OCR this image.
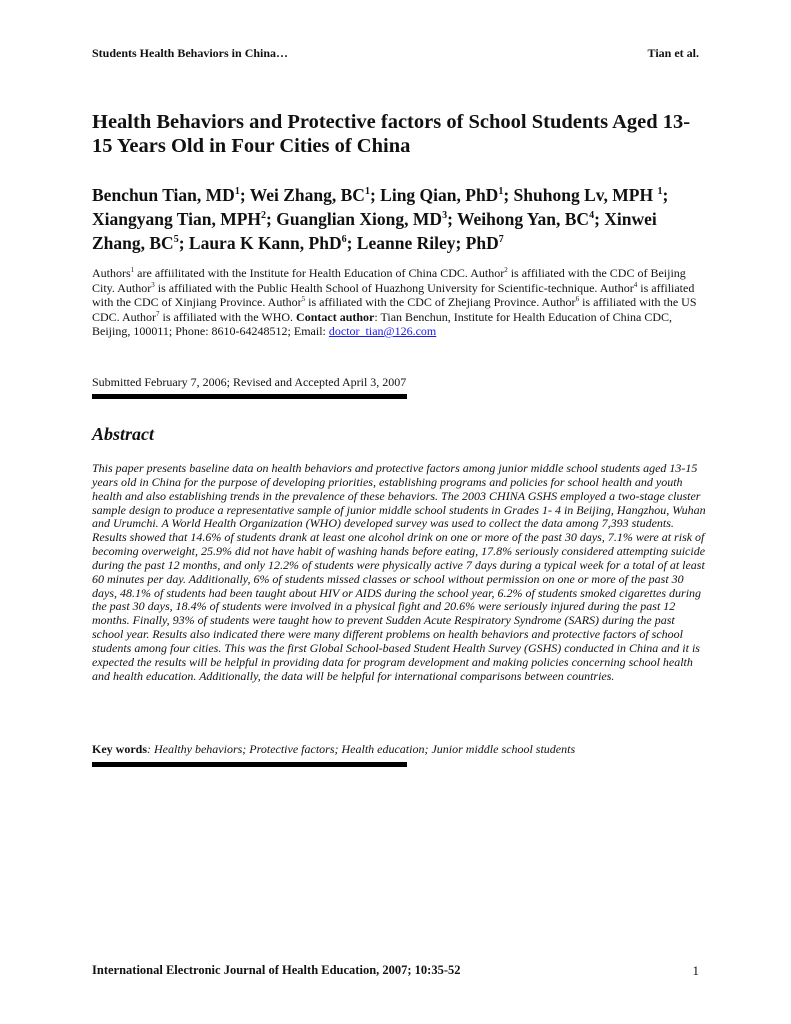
Students Health Behaviors in China…	Tian et al.
Health Behaviors and Protective factors of School Students Aged 13-15 Years Old in Four Cities of China
Benchun Tian, $MD^1$; Wei Zhang, $BC^1$; Ling Qian, PhD$^1$; Shuhong Lv, MPH $^1$; Xiangyang Tian, MPH$^2$; Guanglian Xiong, $MD^3$; Weihong Yan, $BC^4$; Xinwei Zhang, $BC^5$; Laura K Kann, PhD$^6$; Leanne Riley; PhD$^7$
Authors$^1$ are affiilitated with the Institute for Health Education of China CDC. Author$^2$ is affiliated with the CDC of Beijing City. Author$^3$ is affiliated with the Public Health School of Huazhong University for Scientific-technique. Author$^4$ is affiliated with the CDC of Xinjiang Province. Author$^5$ is affiliated with the CDC of Zhejiang Province. Author$^6$ is affiliated with the US CDC. Author$^7$ is affiliated with the WHO. Contact author: Tian Benchun, Institute for Health Education of China CDC, Beijing, 100011; Phone: 8610-64248512; Email: doctor_tian@126.com
Submitted February 7, 2006; Revised and Accepted April 3, 2007
Abstract
This paper presents baseline data on health behaviors and protective factors among junior middle school students aged 13-15 years old in China for the purpose of developing priorities, establishing programs and policies for school health and youth health and also establishing trends in the prevalence of these behaviors. The 2003 CHINA GSHS employed a two-stage cluster sample design to produce a representative sample of junior middle school students in Grades 1- 4 in Beijing, Hangzhou, Wuhan and Urumchi. A World Health Organization (WHO) developed survey was used to collect the data among 7,393 students. Results showed that 14.6% of students drank at least one alcohol drink on one or more of the past 30 days, 7.1% were at risk of becoming overweight, 25.9% did not have habit of washing hands before eating, 17.8% seriously considered attempting suicide during the past 12 months, and only 12.2% of students were physically active 7 days during a typical week for a total of at least 60 minutes per day. Additionally, 6% of students missed classes or school without permission on one or more of the past 30 days, 48.1% of students had been taught about HIV or AIDS during the school year, 6.2% of students smoked cigarettes during the past 30 days, 18.4% of students were involved in a physical fight and 20.6% were seriously injured during the past 12 months. Finally, 93% of students were taught how to prevent Sudden Acute Respiratory Syndrome (SARS) during the past school year. Results also indicated there were many different problems on health behaviors and protective factors of school students among four cities. This was the first Global School-based Student Health Survey (GSHS) conducted in China and it is expected the results will be helpful in providing data for program development and making policies concerning school health and health education. Additionally, the data will be helpful for international comparisons between countries.
Key words: Healthy behaviors; Protective factors; Health education; Junior middle school students
International Electronic Journal of Health Education, 2007; 10:35-52	1
